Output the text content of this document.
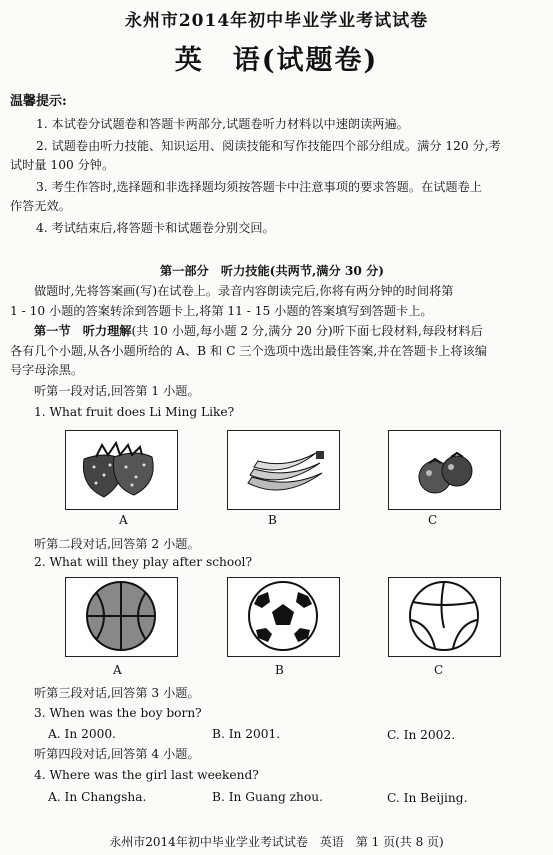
永州市2014年初中毕业学业考试试卷
英　语(试题卷)
温馨提示:
1. 本试卷分试题卷和答题卡两部分,试题卷听力材料以中速朗读两遍。
2. 试题卷由听力技能、知识运用、阅读技能和写作技能四个部分组成。满分 120 分,考
试时量 100 分钟。
3. 考生作答时,选择题和非选择题均须按答题卡中注意事项的要求答题。在试题卷上
作答无效。
4. 考试结束后,将答题卡和试题卷分别交回。
第一部分　听力技能(共两节,满分 30 分)
做题时,先将答案画(写)在试卷上。录音内容朗读完后,你将有两分钟的时间将第
1 - 10 小题的答案转涂到答题卡上,将第 11 - 15 小题的答案填写到答题卡上。
第一节　听力理解(共 10 小题,每小题 2 分,满分 20 分)听下面七段材料,每段材料后
各有几个小题,从各小题所给的 A、B 和 C 三个选项中选出最佳答案,并在答题卡上将该编
号字母涂黑。
听第一段对话,回答第 1 小题。
1. What fruit does Li Ming Like?
A	B	C
听第二段对话,回答第 2 小题。
2. What will they play after school?
A	B	C
听第三段对话,回答第 3 小题。
3. When was the boy born?
A. In 2000.	B. In 2001.	C. In 2002.
听第四段对话,回答第 4 小题。
4. Where was the girl last weekend?
A. In Changsha.	B. In Guang zhou.	C. In Beijing.
永州市2014年初中毕业学业考试试卷　英语　第 1 页(共 8 页)
